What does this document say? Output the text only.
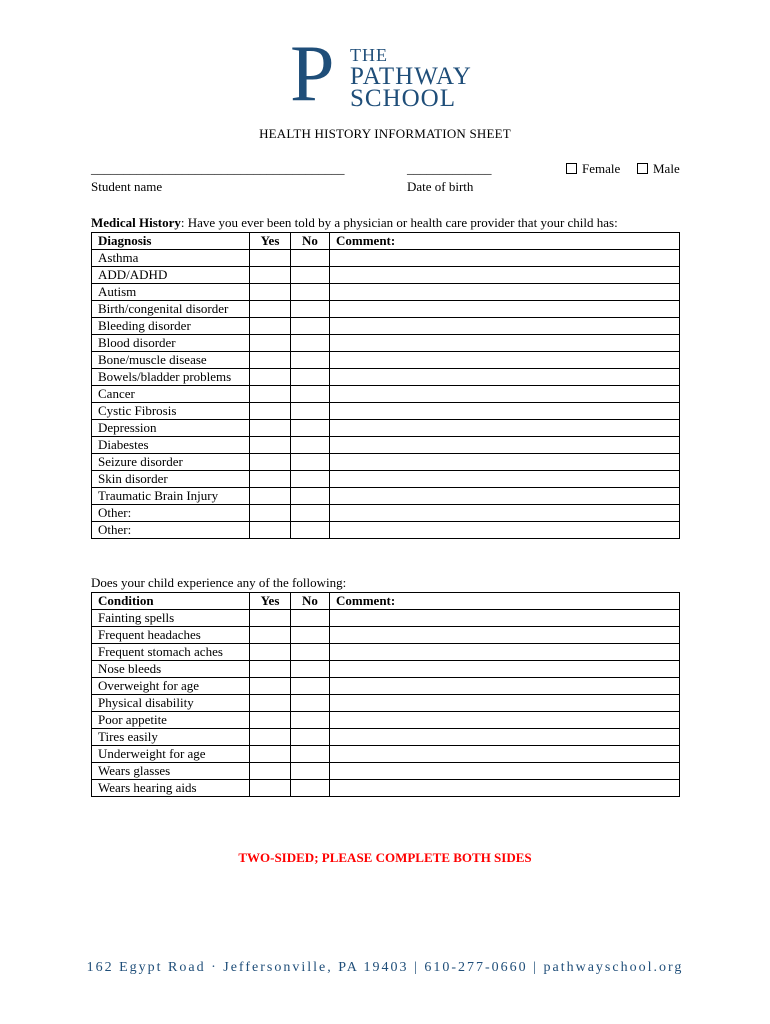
P THE
PATHWAY
SCHOOL
HEALTH HISTORY INFORMATION SHEET
_______________________________________
Student name
_____________
Date of birth
Female	Male
Medical History: Have you ever been told by a physician or health care provider that your child has:
Diagnosis	Yes	No	Comment:
Asthma			
ADD/ADHD			
Autism			
Birth/congenital disorder			
Bleeding disorder			
Blood disorder			
Bone/muscle disease			
Bowels/bladder problems			
Cancer			
Cystic Fibrosis			
Depression			
Diabestes			
Seizure disorder			
Skin disorder			
Traumatic Brain Injury			
Other:			
Other:			
Does your child experience any of the following:
Condition	Yes	No	Comment:
Fainting spells			
Frequent headaches			
Frequent stomach aches			
Nose bleeds			
Overweight for age			
Physical disability			
Poor appetite			
Tires easily			
Underweight for age			
Wears glasses			
Wears hearing aids			
TWO-SIDED; PLEASE COMPLETE BOTH SIDES
162 Egypt Road · Jeffersonville, PA 19403 | 610-277-0660 | pathwayschool.org
